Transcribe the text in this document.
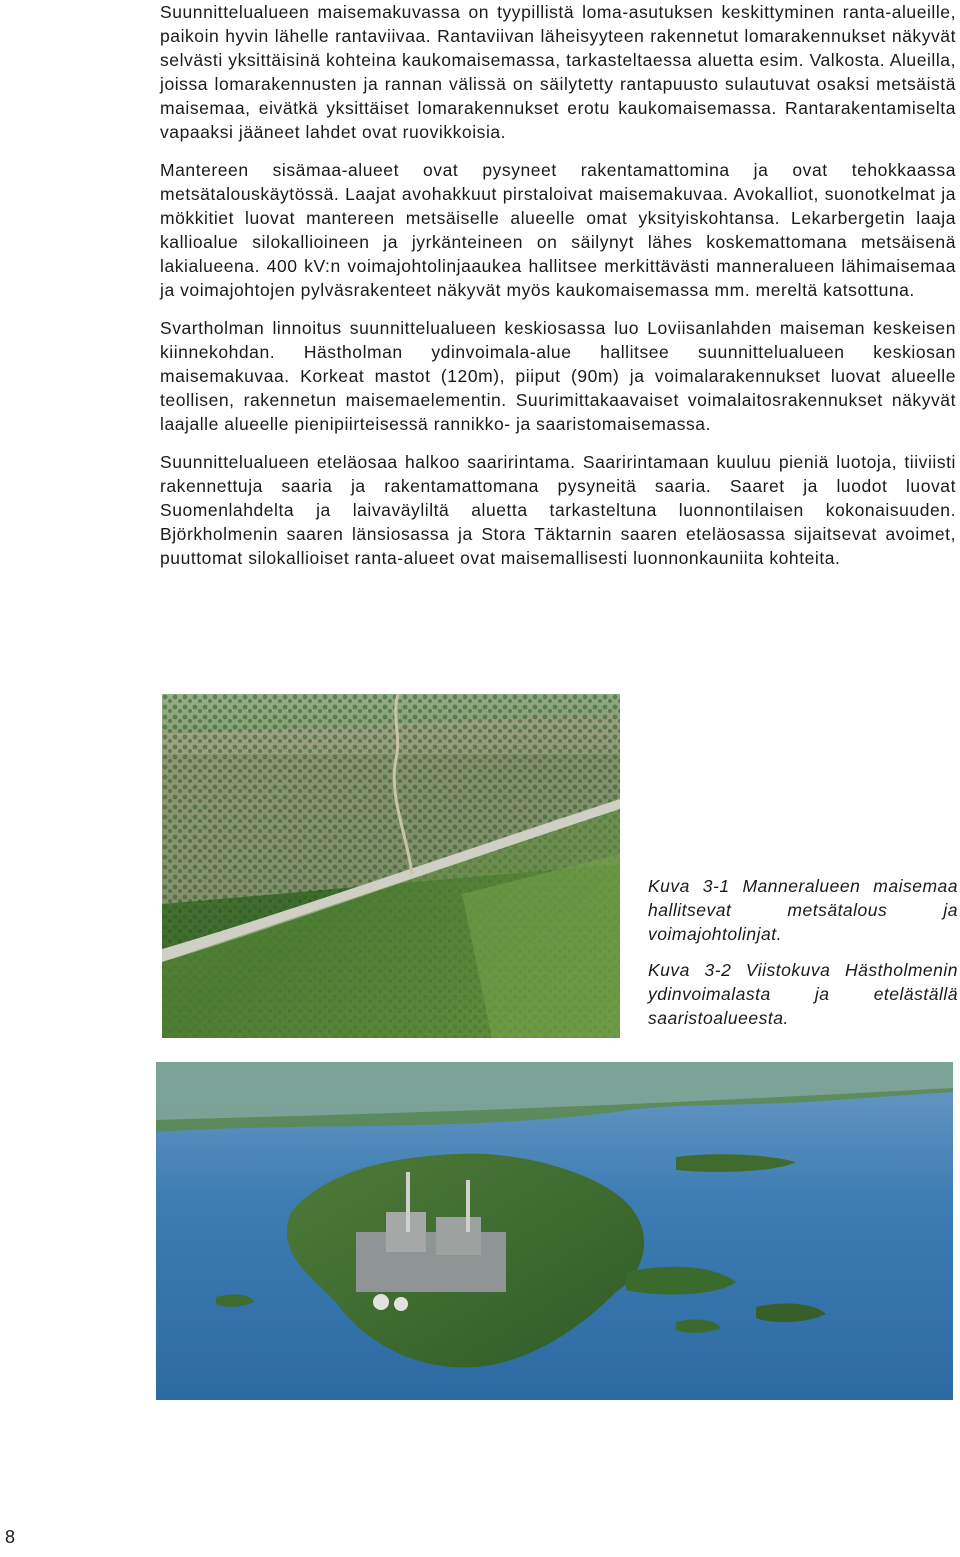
Suunnittelualueen maisemakuvassa on tyypillistä loma-asutuksen keskittyminen ranta-alueille, paikoin hyvin lähelle rantaviivaa. Rantaviivan läheisyyteen rakennetut lomarakennukset näkyvät selvästi yksittäisinä kohteina kaukomaisemassa, tarkasteltaessa aluetta esim. Valkosta. Alueilla, joissa lomarakennusten ja rannan välissä on säilytetty rantapuusto sulautuvat osaksi metsäistä maisemaa, eivätkä yksittäiset lomarakennukset erotu kaukomaisemassa. Rantarakentamiselta vapaaksi jääneet lahdet ovat ruovikkoisia.

Mantereen sisämaa-alueet ovat pysyneet rakentamattomina ja ovat tehokkaassa metsätalouskäytössä. Laajat avohakkuut pirstaloivat maisemakuvaa. Avokalliot, suonotkelmat ja mökkitiet luovat mantereen metsäiselle alueelle omat yksityiskohtansa. Lekarbergetin laaja kallioalue silokallioineen ja jyrkänteineen on säilynyt lähes koskemattomana metsäisenä lakialueena. 400 kV:n voimajohtolinjaaukea hallitsee merkittävästi manneralueen lähimaisemaa ja voimajohtojen pylväsrakenteet näkyvät myös kaukomaisemassa mm. mereltä katsottuna.

Svartholman linnoitus suunnittelualueen keskiosassa luo Loviisanlahden maiseman keskeisen kiinnekohdan. Hästholman ydinvoimala-alue hallitsee suunnittelualueen keskiosan maisemakuvaa. Korkeat mastot (120m), piiput (90m) ja voimalarakennukset luovat alueelle teollisen, rakennetun maisemaelementin. Suurimittakaavaiset voimalaitosrakennukset näkyvät laajalle alueelle pienipiirteisessä rannikko- ja saaristomaisemassa.

Suunnittelualueen eteläosaa halkoo saaririntama. Saaririntamaan kuuluu pieniä luotoja, tiiviisti rakennettuja saaria ja rakentamattomana pysyneitä saaria. Saaret ja luodot luovat Suomenlahdelta ja laivaväyliltä aluetta tarkasteltuna luonnontilaisen kokonaisuuden. Björkholmenin saaren länsiosassa ja Stora Täktarnin saaren eteläosassa sijaitsevat avoimet, puuttomat silokallioiset ranta-alueet ovat maisemallisesti luonnonkauniita kohteita.

Kuva 3-1 Manneralueen maisemaa hallitsevat metsätalous ja voimajohtolinjat.

Kuva 3-2 Viistokuva Hästholmenin ydinvoimalasta ja eteläställä saaristoalueesta.

8
